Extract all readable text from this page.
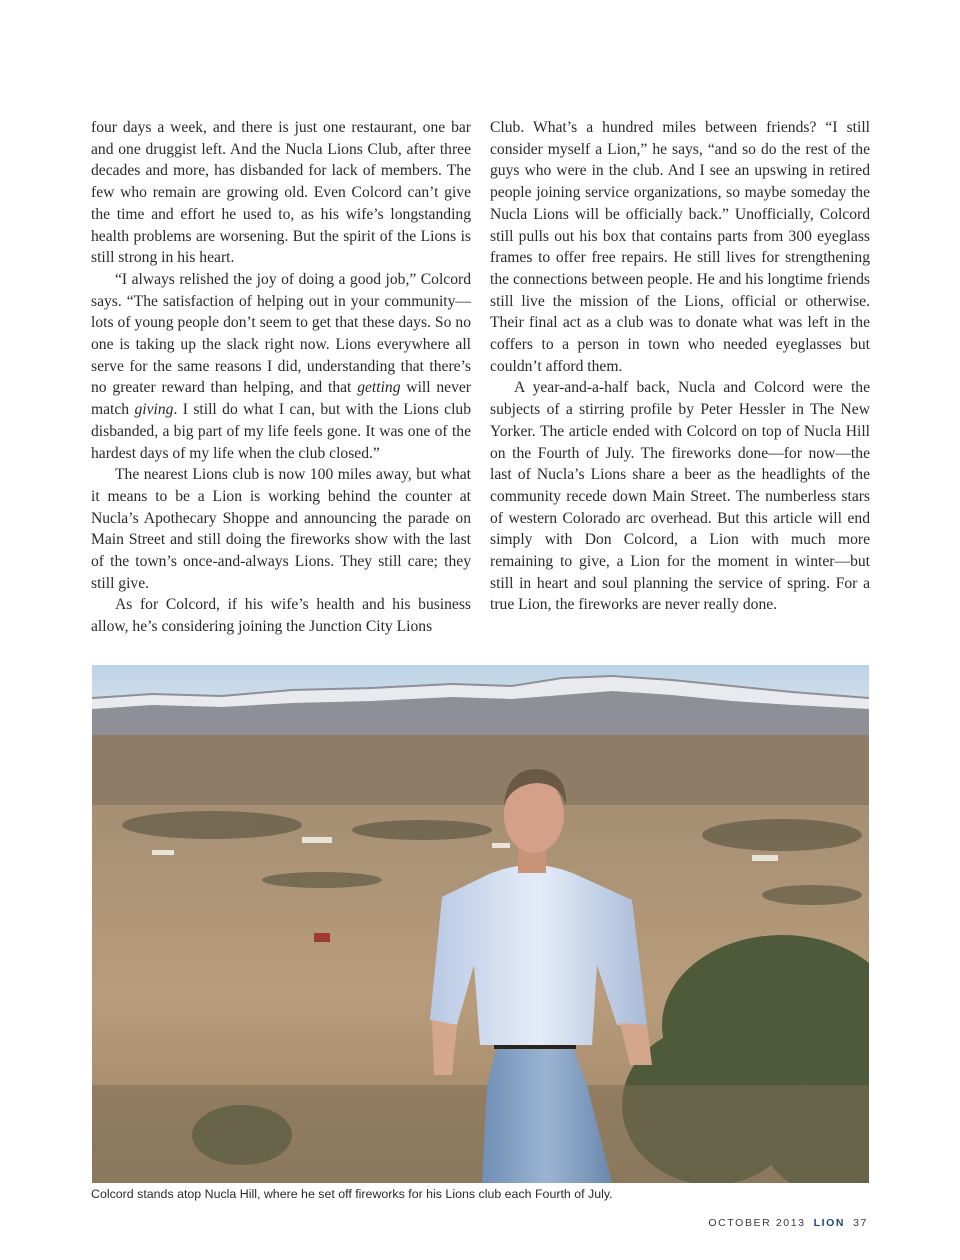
four days a week, and there is just one restaurant, one bar and one druggist left. And the Nucla Lions Club, after three decades and more, has disbanded for lack of members. The few who remain are growing old. Even Colcord can’t give the time and effort he used to, as his wife’s longstanding health problems are worsening. But the spirit of the Lions is still strong in his heart.

“I always relished the joy of doing a good job,” Colcord says. “The satisfaction of helping out in your community—lots of young people don’t seem to get that these days. So no one is taking up the slack right now. Lions everywhere all serve for the same reasons I did, understanding that there’s no greater reward than helping, and that getting will never match giving. I still do what I can, but with the Lions club disbanded, a big part of my life feels gone. It was one of the hardest days of my life when the club closed.”

The nearest Lions club is now 100 miles away, but what it means to be a Lion is working behind the counter at Nucla’s Apothecary Shoppe and announcing the parade on Main Street and still doing the fireworks show with the last of the town’s once-and-always Lions. They still care; they still give.

As for Colcord, if his wife’s health and his business allow, he’s considering joining the Junction City Lions

Club. What’s a hundred miles between friends? “I still consider myself a Lion,” he says, “and so do the rest of the guys who were in the club. And I see an upswing in retired people joining service organizations, so maybe someday the Nucla Lions will be officially back.” Unofficially, Colcord still pulls out his box that contains parts from 300 eyeglass frames to offer free repairs. He still lives for strengthening the connections between people. He and his longtime friends still live the mission of the Lions, official or otherwise. Their final act as a club was to donate what was left in the coffers to a person in town who needed eyeglasses but couldn’t afford them.

A year-and-a-half back, Nucla and Colcord were the subjects of a stirring profile by Peter Hessler in The New Yorker. The article ended with Colcord on top of Nucla Hill on the Fourth of July. The fireworks done—for now—the last of Nucla’s Lions share a beer as the headlights of the community recede down Main Street. The numberless stars of western Colorado arc overhead. But this article will end simply with Don Colcord, a Lion with much more remaining to give, a Lion for the moment in winter—but still in heart and soul planning the service of spring. For a true Lion, the fireworks are never really done.

Colcord stands atop Nucla Hill, where he set off fireworks for his Lions club each Fourth of July.
OCTOBER 2013 LION 37
